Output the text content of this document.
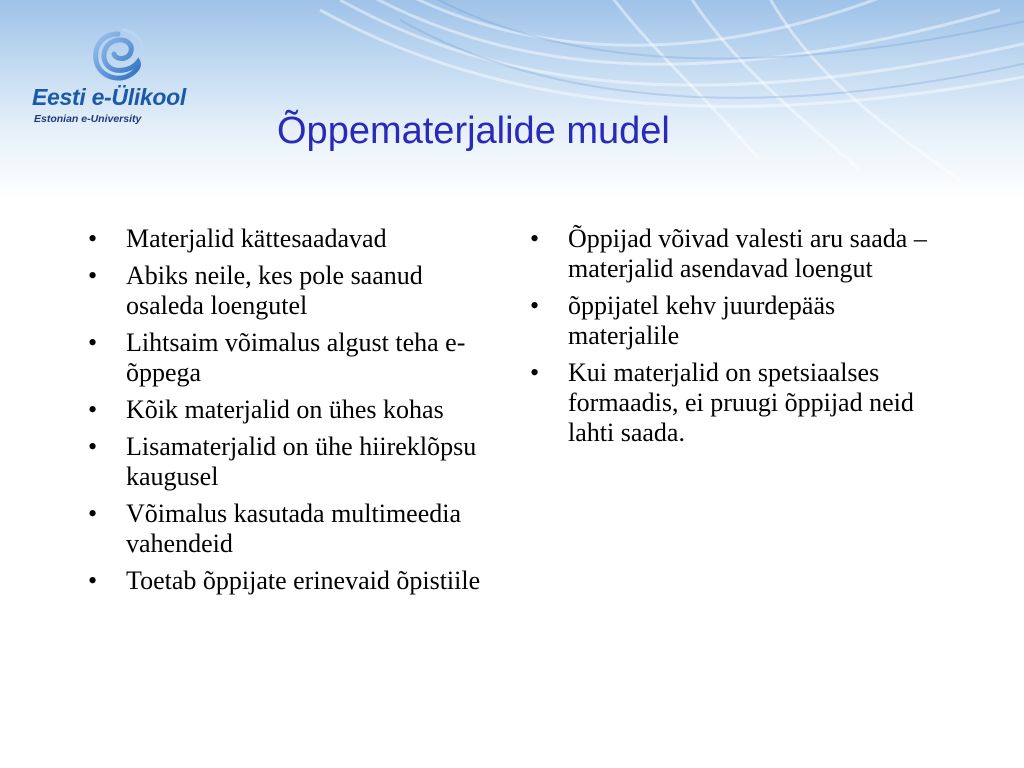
Eesti e-Ülikool
Estonian e-University	Õppematerjalide mudel
• Materjalid kättesaadavad
• Abiks neile, kes pole saanud osaleda loengutel
• Lihtsaim võimalus algust teha e-õppega
• Kõik materjalid on ühes kohas
• Lisamaterjalid on ühe hiireklõpsu kaugusel
• Võimalus kasutada multimeedia vahendeid
• Toetab õppijate erinevaid õpistiile
• Õppijad võivad valesti aru saada – materjalid asendavad loengut
• õppijatel kehv juurdepääs materjalile
• Kui materjalid on spetsiaalses formaadis, ei pruugi õppijad neid lahti saada.
